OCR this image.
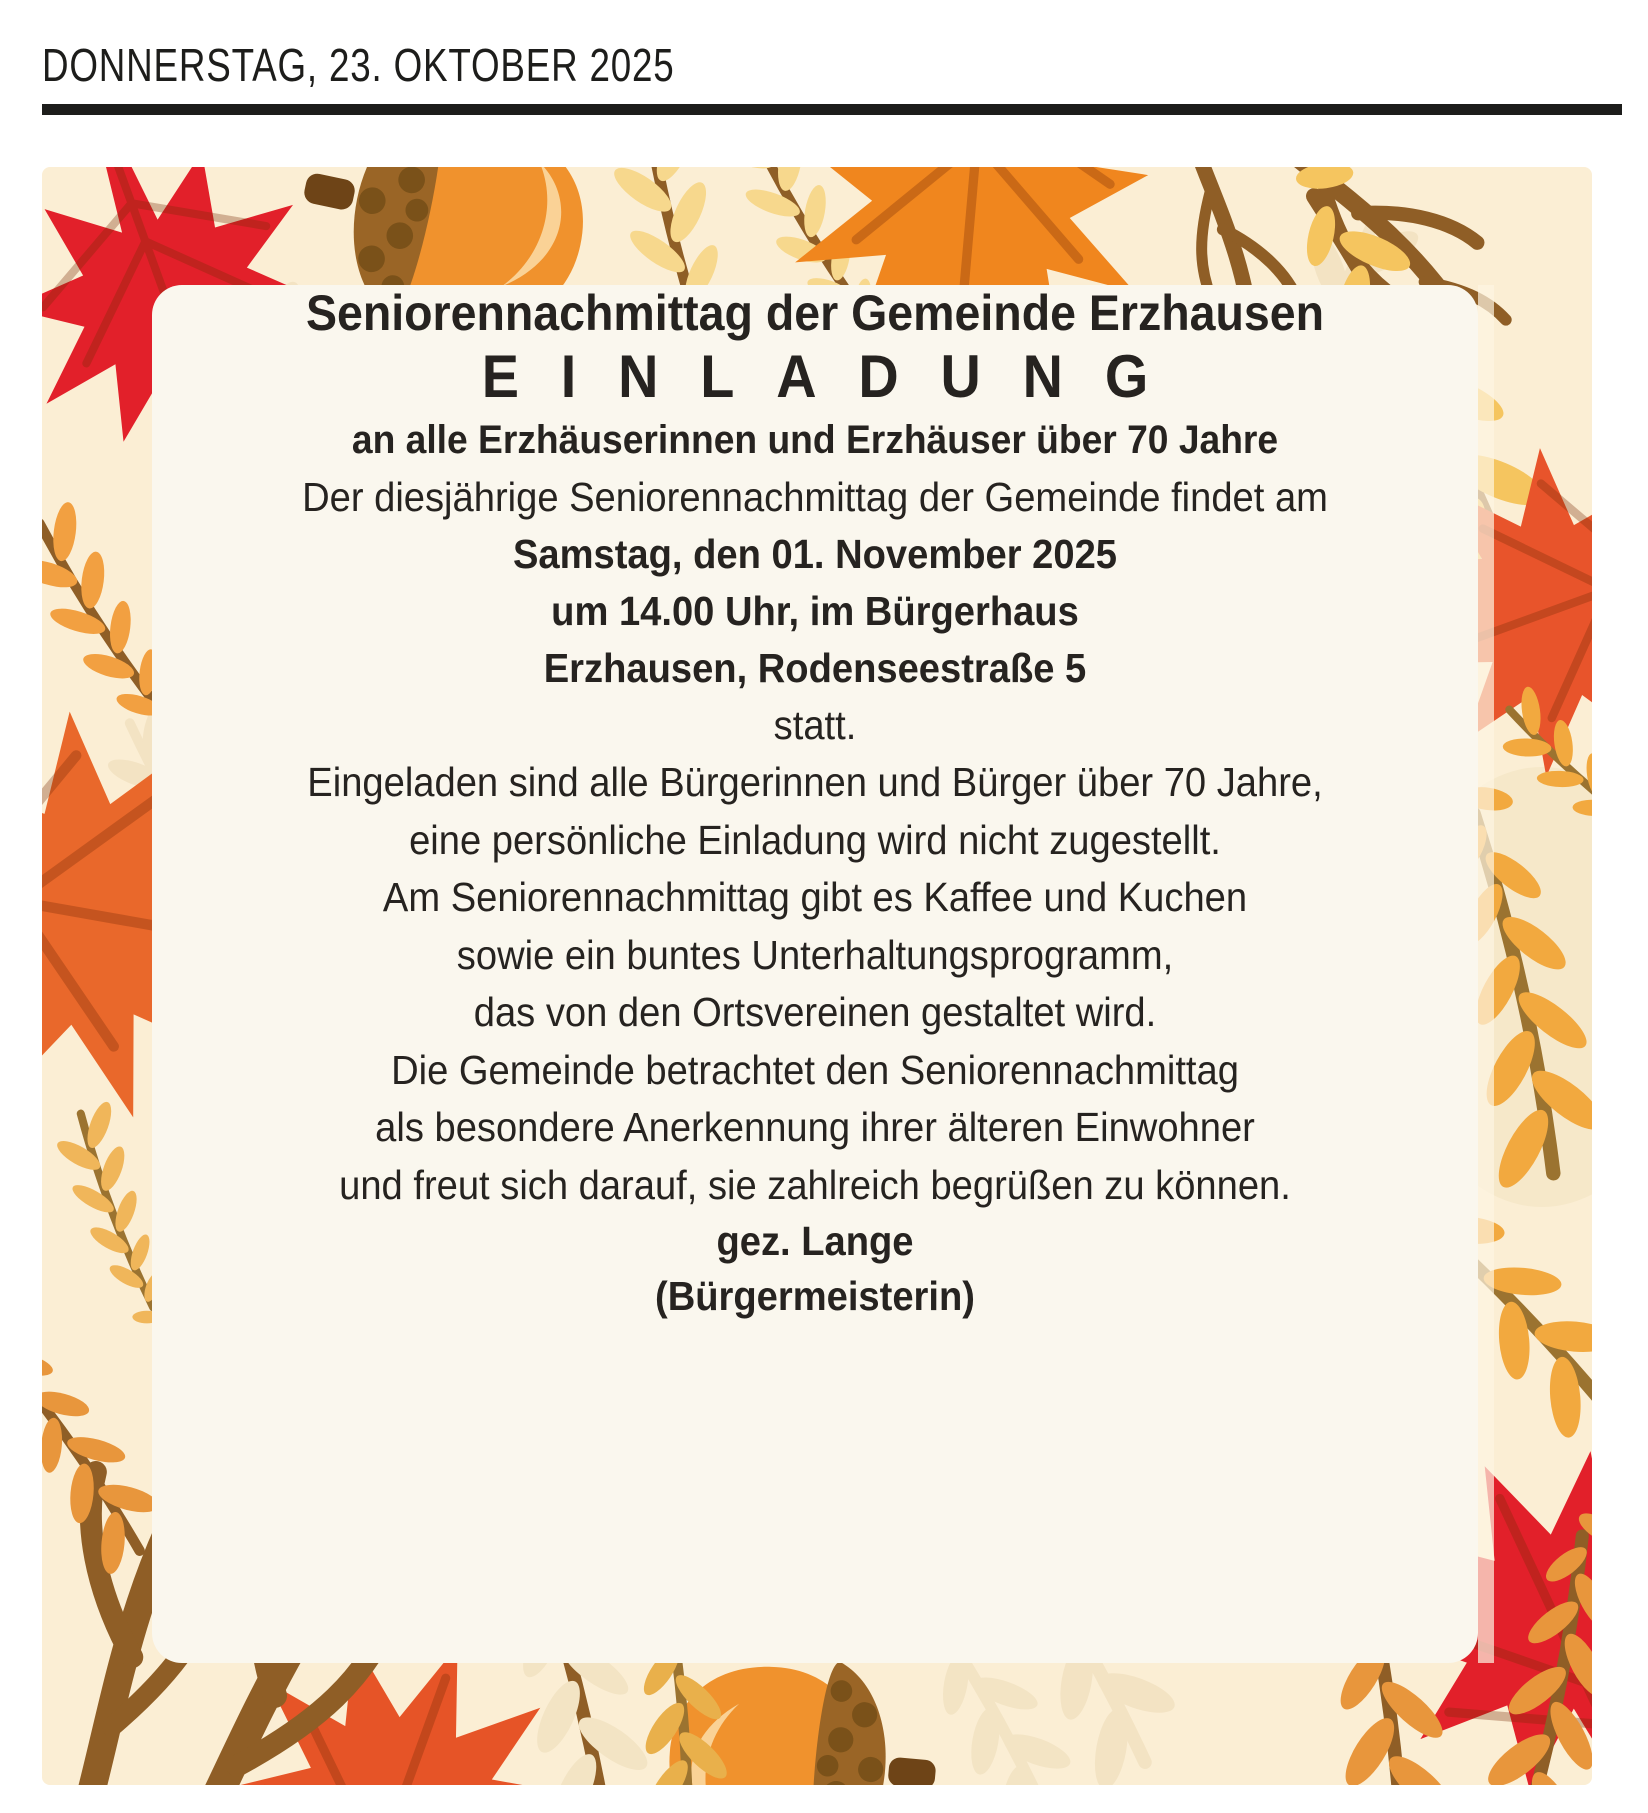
DONNERSTAG, 23. OKTOBER 2025
Seniorennachmittag der Gemeinde Erzhausen
EINLADUNG
an alle Erzhäuserinnen und Erzhäuser über 70 Jahre

Der diesjährige Seniorennachmittag der Gemeinde findet am

Samstag, den 01. November 2025
um 14.00 Uhr, im Bürgerhaus
Erzhausen, Rodenseestraße 5

statt.

Eingeladen sind alle Bürgerinnen und Bürger über 70 Jahre,
eine persönliche Einladung wird nicht zugestellt.
Am Seniorennachmittag gibt es Kaffee und Kuchen
sowie ein buntes Unterhaltungsprogramm,
das von den Ortsvereinen gestaltet wird.
Die Gemeinde betrachtet den Seniorennachmittag
als besondere Anerkennung ihrer älteren Einwohner
und freut sich darauf, sie zahlreich begrüßen zu können.
gez. Lange
(Bürgermeisterin)
